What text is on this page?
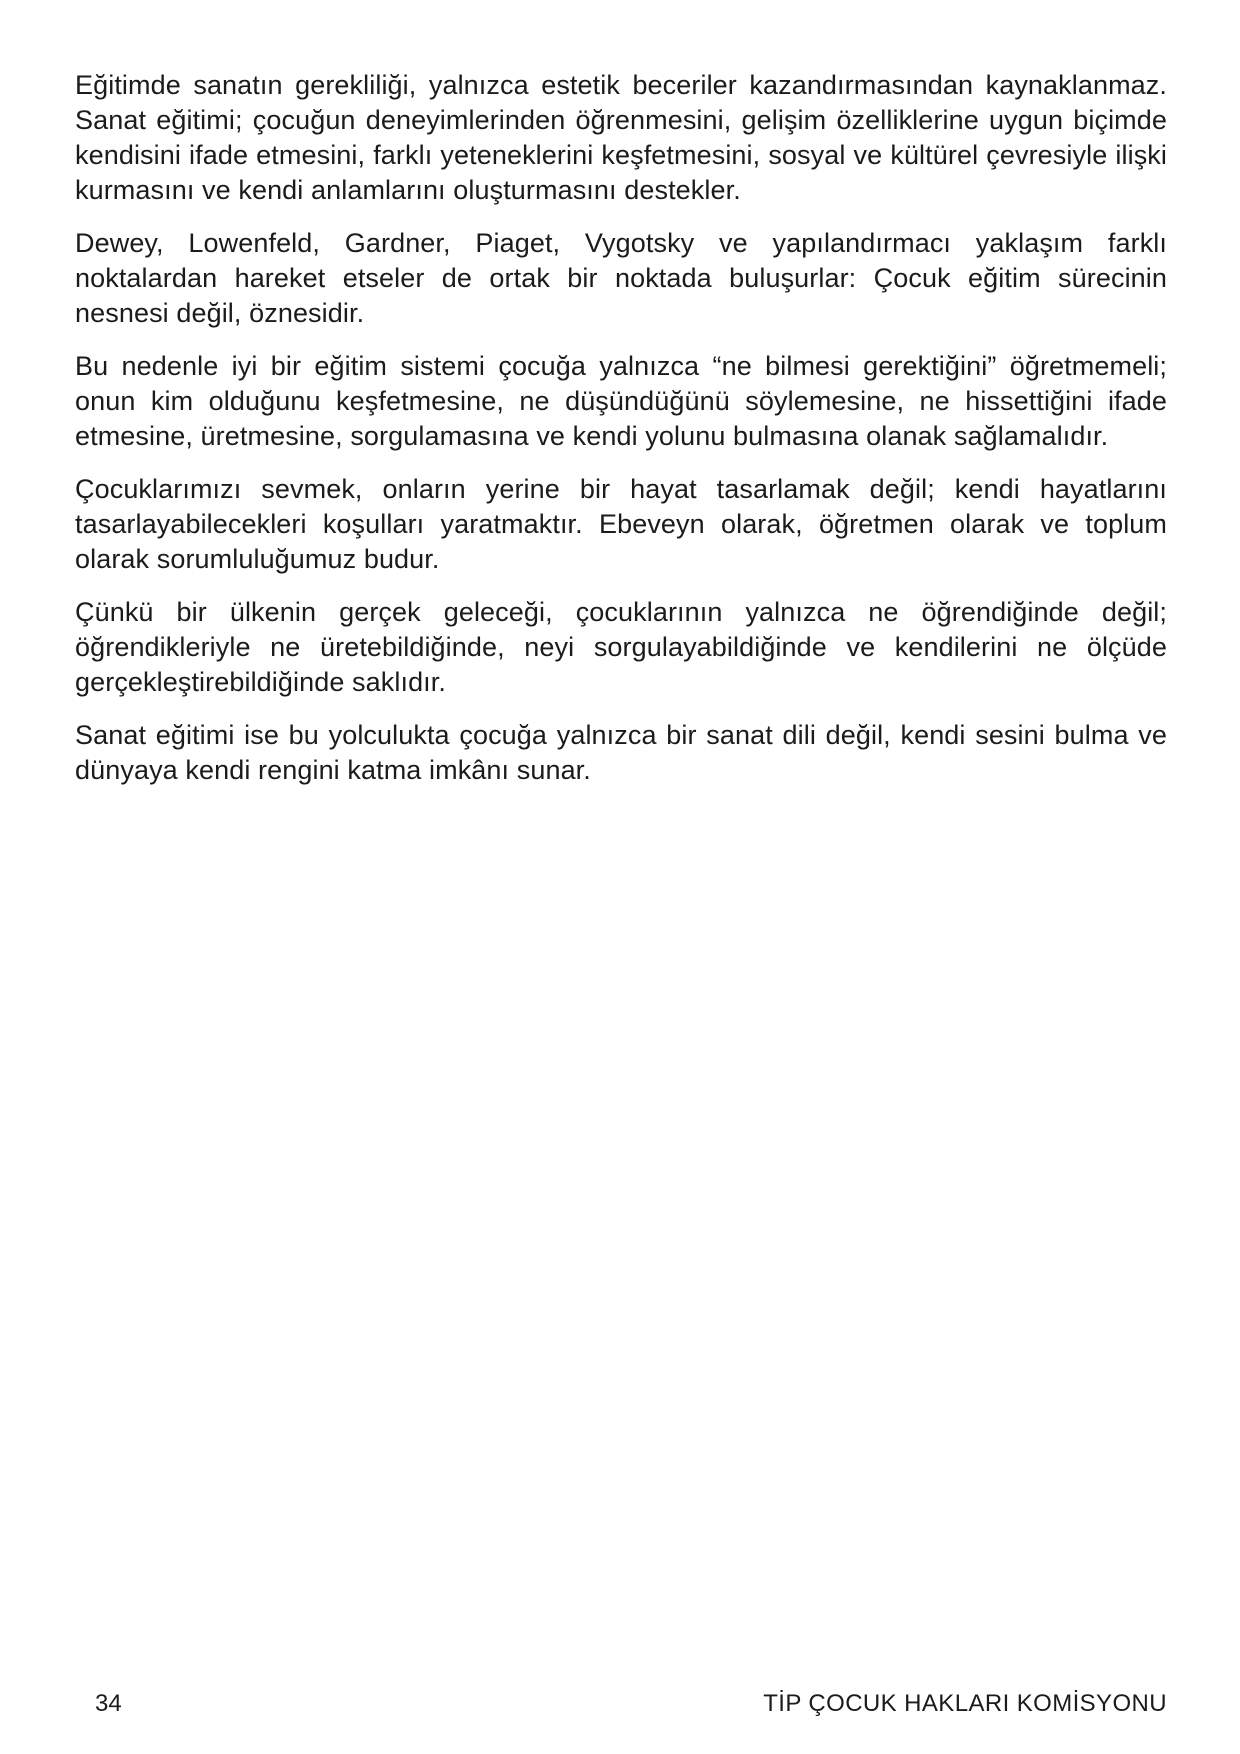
Eğitimde sanatın gerekliliği, yalnızca estetik beceriler kazandırmasından kaynaklanmaz. Sanat eğitimi; çocuğun deneyimlerinden öğrenmesini, gelişim özelliklerine uygun biçimde kendisini ifade etmesini, farklı yeteneklerini keşfetmesini, sosyal ve kültürel çevresiyle ilişki kurmasını ve kendi anlamlarını oluşturmasını destekler.

Dewey, Lowenfeld, Gardner, Piaget, Vygotsky ve yapılandırmacı yaklaşım farklı noktalardan hareket etseler de ortak bir noktada buluşurlar: Çocuk eğitim sürecinin nesnesi değil, öznesidir.

Bu nedenle iyi bir eğitim sistemi çocuğa yalnızca “ne bilmesi gerektiğini” öğretmemeli; onun kim olduğunu keşfetmesine, ne düşündüğünü söylemesine, ne hissettiğini ifade etmesine, üretmesine, sorgulamasına ve kendi yolunu bulmasına olanak sağlamalıdır.

Çocuklarımızı sevmek, onların yerine bir hayat tasarlamak değil; kendi hayatlarını tasarlayabilecekleri koşulları yaratmaktır. Ebeveyn olarak, öğretmen olarak ve toplum olarak sorumluluğumuz budur.

Çünkü bir ülkenin gerçek geleceği, çocuklarının yalnızca ne öğrendiğinde değil; öğrendikleriyle ne üretebildiğinde, neyi sorgulayabildiğinde ve kendilerini ne ölçüde gerçekleştirebildiğinde saklıdır.

Sanat eğitimi ise bu yolculukta çocuğa yalnızca bir sanat dili değil, kendi sesini bulma ve dünyaya kendi rengini katma imkânı sunar.

34	TİP ÇOCUK HAKLARI KOMİSYONU
